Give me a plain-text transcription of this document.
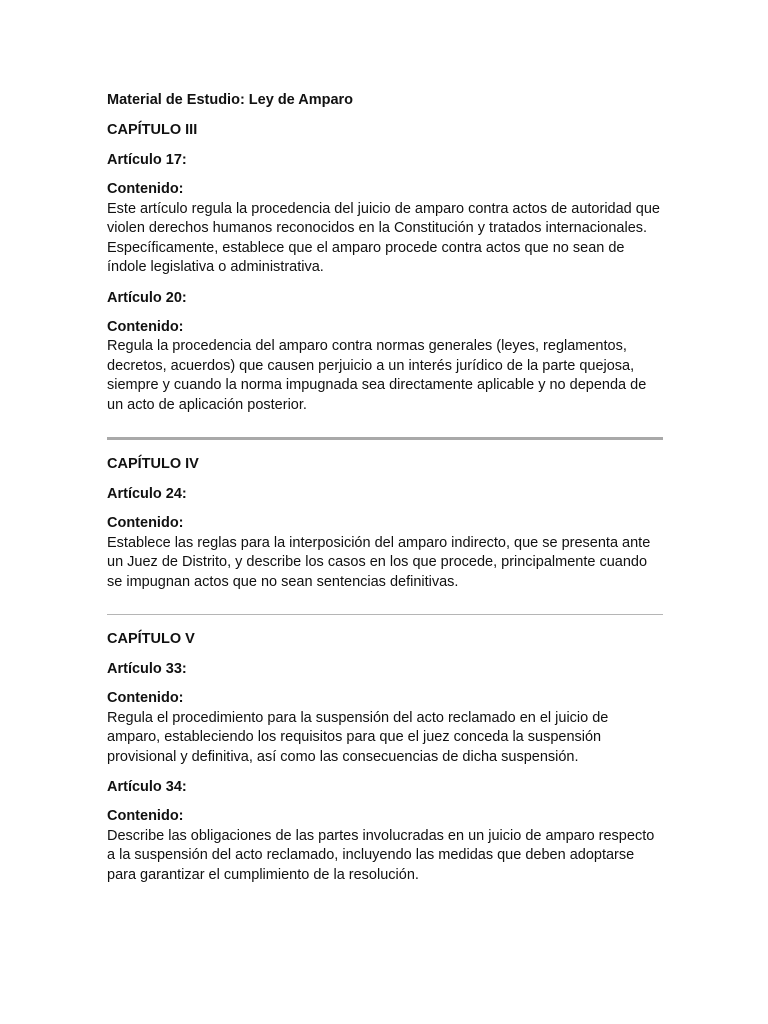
Material de Estudio: Ley de Amparo
CAPÍTULO III
Artículo 17:
Contenido:
Este artículo regula la procedencia del juicio de amparo contra actos de autoridad que violen derechos humanos reconocidos en la Constitución y tratados internacionales. Específicamente, establece que el amparo procede contra actos que no sean de índole legislativa o administrativa.
Artículo 20:
Contenido:
Regula la procedencia del amparo contra normas generales (leyes, reglamentos, decretos, acuerdos) que causen perjuicio a un interés jurídico de la parte quejosa, siempre y cuando la norma impugnada sea directamente aplicable y no dependa de un acto de aplicación posterior.
CAPÍTULO IV
Artículo 24:
Contenido:
Establece las reglas para la interposición del amparo indirecto, que se presenta ante un Juez de Distrito, y describe los casos en los que procede, principalmente cuando se impugnan actos que no sean sentencias definitivas.
CAPÍTULO V
Artículo 33:
Contenido:
Regula el procedimiento para la suspensión del acto reclamado en el juicio de amparo, estableciendo los requisitos para que el juez conceda la suspensión provisional y definitiva, así como las consecuencias de dicha suspensión.
Artículo 34:
Contenido:
Describe las obligaciones de las partes involucradas en un juicio de amparo respecto a la suspensión del acto reclamado, incluyendo las medidas que deben adoptarse para garantizar el cumplimiento de la resolución.
